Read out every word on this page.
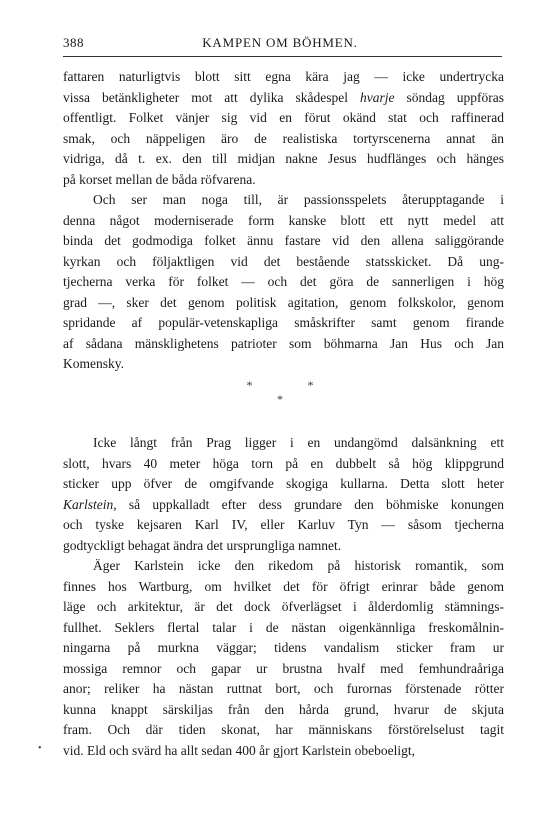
388	KAMPEN OM BÖHMEN.

fattaren naturligtvis blott sitt egna kära jag — icke undertrycka
vissa betänkligheter mot att dylika skådespel hvarje söndag uppföras
offentligt. Folket vänjer sig vid en förut okänd stat och raffinerad
smak, och näppeligen äro de realistiska tortyrscenerna annat än
vidriga, då t. ex. den till midjan nakne Jesus hudflänges och hänges
på korset mellan de båda röfvarena.

Och ser man noga till, är passionsspelets återupptagande i
denna något moderniserade form kanske blott ett nytt medel att
binda det godmodiga folket ännu fastare vid den allena saliggörande
kyrkan och följaktligen vid det bestående statsskicket. Då ung-
tjecherna verka för folket — och det göra de sannerligen i hög
grad —, sker det genom politisk agitation, genom folkskolor, genom
spridande af populär-vetenskapliga småskrifter samt genom firande
af sådana mänsklighetens patrioter som böhmarna Jan Hus och Jan
Komensky.

*	*
*

Icke långt från Prag ligger i en undangömd dalsänkning ett
slott, hvars 40 meter höga torn på en dubbelt så hög klippgrund
sticker upp öfver de omgifvande skogiga kullarna. Detta slott heter
Karlstein, så uppkalladt efter dess grundare den böhmiske konungen
och tyske kejsaren Karl IV, eller Karluv Tyn — såsom tjecherna
godtyckligt behagat ändra det ursprungliga namnet.

Äger Karlstein icke den rikedom på historisk romantik, som
finnes hos Wartburg, om hvilket det för öfrigt erinrar både genom
läge och arkitektur, är det dock öfverlägset i ålderdomlig stämnings-
fullhet. Seklers flertal talar i de nästan oigenkännliga freskomålnin-
ningarna på murkna väggar; tidens vandalism sticker fram ur
mossiga remnor och gapar ur brustna hvalf med femhundraåriga
anor; reliker ha nästan ruttnat bort, och furornas förstenade rötter
kunna knappt särskiljas från den hårda grund, hvarur de skjuta
fram. Och där tiden skonat, har människans förstörelselust tagit
vid. Eld och svärd ha allt sedan 400 år gjort Karlstein obeboeligt,

•
